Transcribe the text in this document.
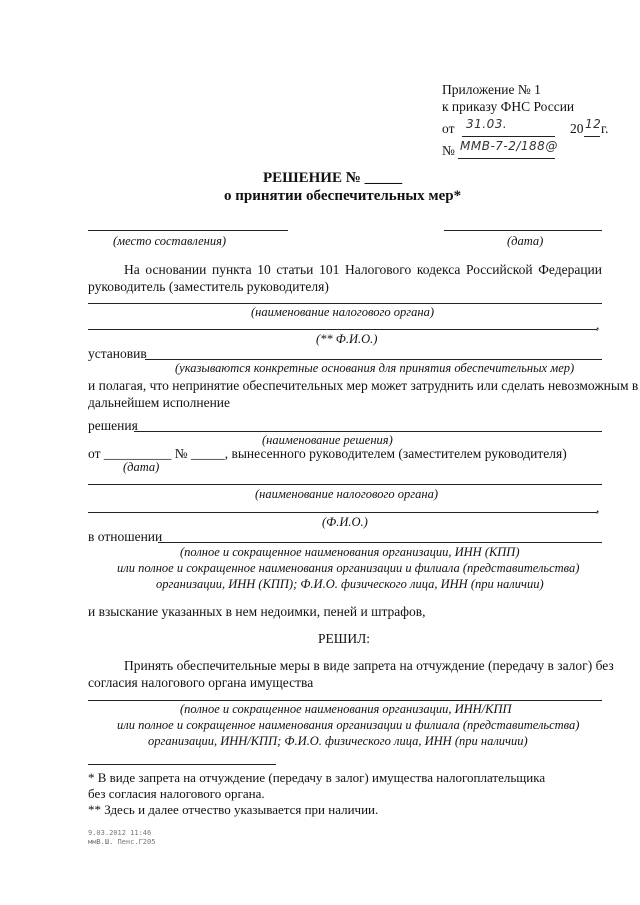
Приложение № 1
к приказу ФНС России
от 31.03.	20 12 г.
№ ММВ-7-2/188@
РЕШЕНИЕ № _____
о принятии обеспечительных мер*
(место составления)	(дата)
На основании пункта 10 статьи 101 Налогового кодекса Российской Федерации
руководитель (заместитель руководителя)
(наименование налогового органа)
,
(** Ф.И.О.)
установив
(указываются конкретные основания для принятия обеспечительных мер)
и полагая, что непринятие обеспечительных мер может затруднить или сделать невозможным в
дальнейшем исполнение
решения
(наименование решения)
от __________ № _____, вынесенного руководителем (заместителем руководителя)
(дата)
(наименование налогового органа)
,
(Ф.И.О.)
в отношении
(полное и сокращенное наименования организации, ИНН (КПП)
или полное и сокращенное наименования организации и филиала (представительства)
организации, ИНН (КПП); Ф.И.О. физического лица, ИНН (при наличии)
и взыскание указанных в нем недоимки, пеней и штрафов,
РЕШИЛ:
Принять обеспечительные меры в виде запрета на отчуждение (передачу в залог) без
согласия налогового органа имущества
(полное и сокращенное наименования организации, ИНН/КПП
или полное и сокращенное наименования организации и филиала (представительства)
организации, ИНН/КПП; Ф.И.О. физического лица, ИНН (при наличии)
* В виде запрета на отчуждение (передачу в залог) имущества налогоплательщика
без согласия налогового органа.
** Здесь и далее отчество указывается при наличии.
9.03.2012 11:46
ммВ.Ш. Пенс.Г205
